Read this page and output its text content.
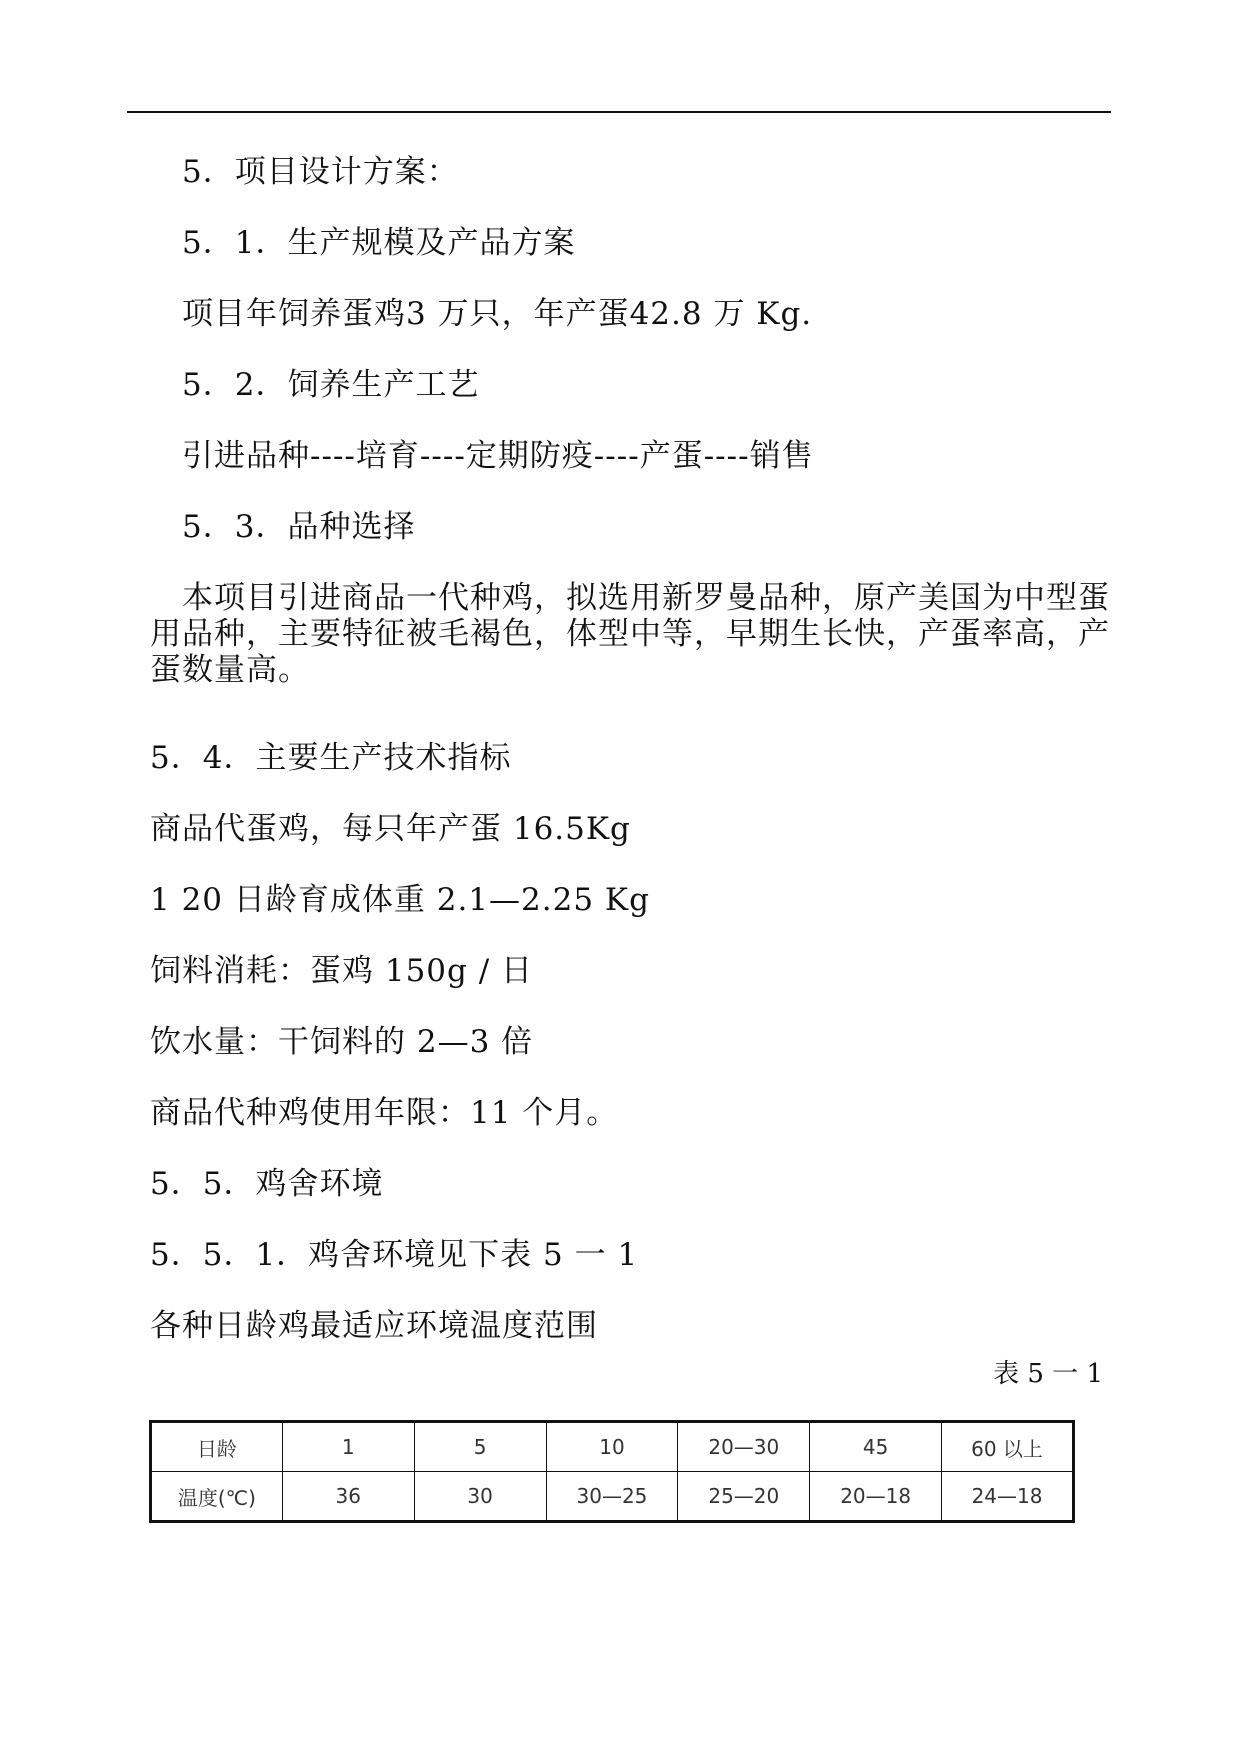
5．项目设计方案：
5．1．生产规模及产品方案
项目年饲养蛋鸡3 万只，年产蛋42.8 万 Kg.
5．2．饲养生产工艺
引进品种----培育----定期防疫----产蛋----销售
5．3．品种选择
本项目引进商品一代种鸡，拟选用新罗曼品种，原产美国为中型蛋
用品种，主要特征被毛褐色，体型中等，早期生长快，产蛋率高，产
蛋数量高。
5．4．主要生产技术指标
商品代蛋鸡，每只年产蛋 16.5Kg
1 20 日龄育成体重 2.1—2.25 Kg
饲料消耗：蛋鸡 150g / 日
饮水量：干饲料的 2—3 倍
商品代种鸡使用年限：11 个月。
5．5．鸡舍环境
5．5．1．鸡舍环境见下表 5 一 1
各种日龄鸡最适应环境温度范围
表 5 一 1
日龄	1	5	10	20—30	45	60 以上
温度(℃)	36	30	30—25	25—20	20—18	24—18
